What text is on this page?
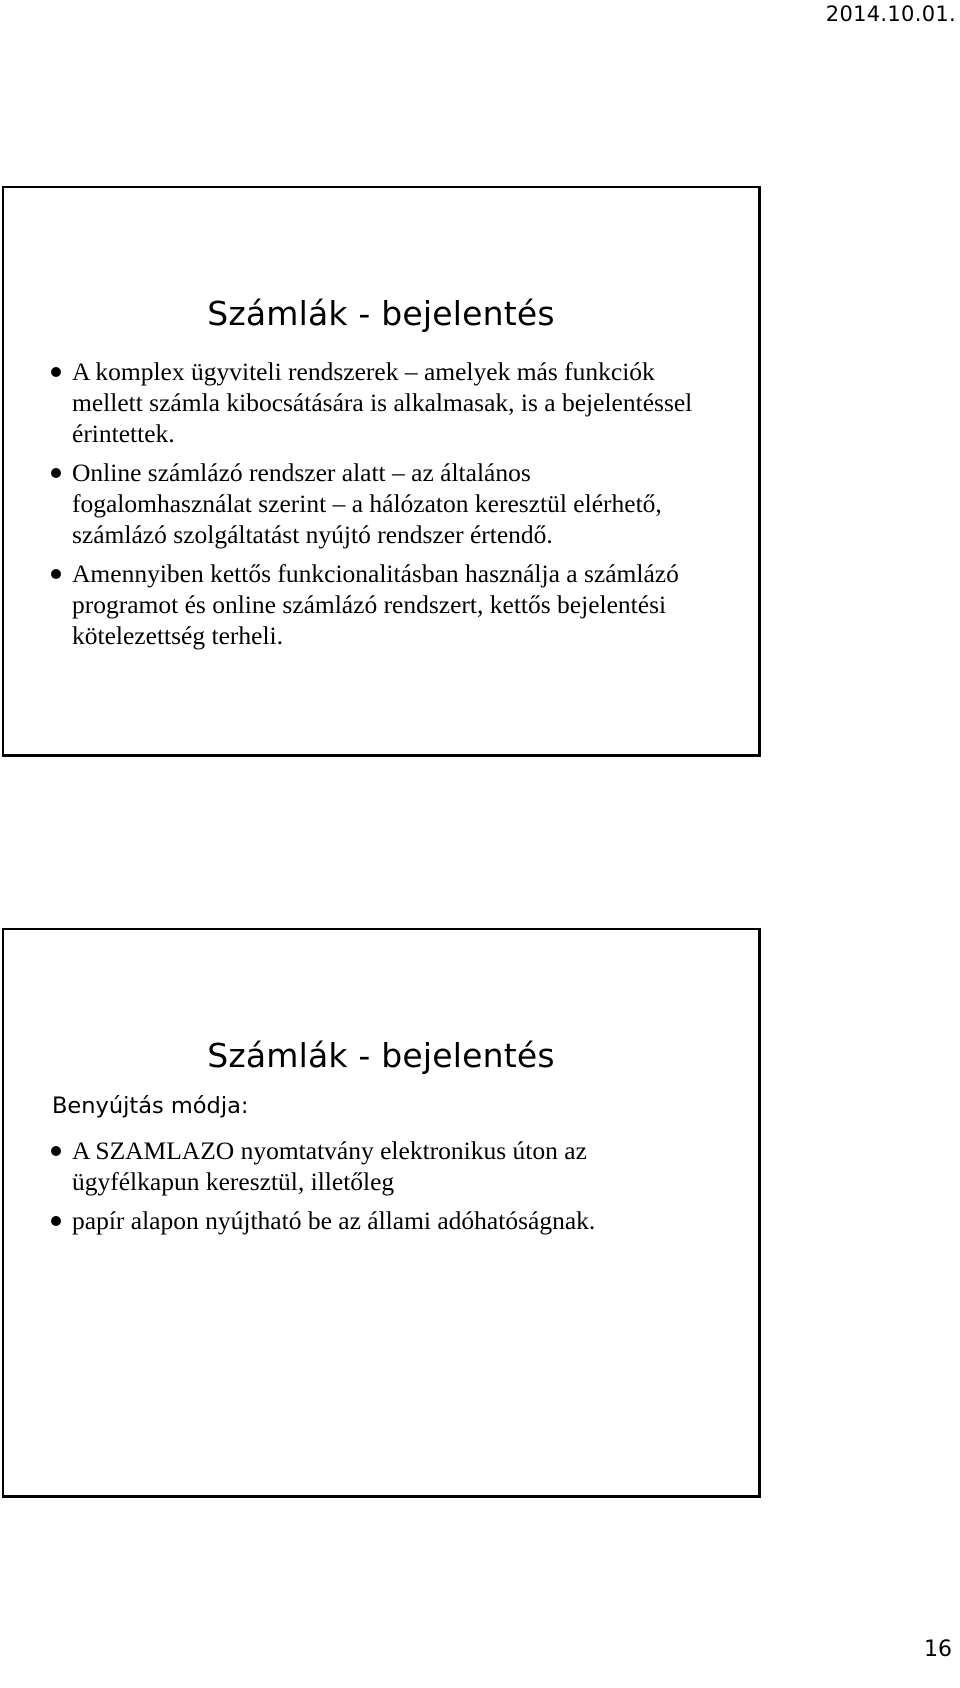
2014.10.01.
Számlák - bejelentés
A komplex ügyviteli rendszerek – amelyek más funkciók mellett számla kibocsátására is alkalmasak, is a bejelentéssel érintettek.
Online számlázó rendszer alatt – az általános fogalomhasználat szerint – a hálózaton keresztül elérhető, számlázó szolgáltatást nyújtó rendszer értendő.
Amennyiben kettős funkcionalitásban használja a számlázó programot és online számlázó rendszert, kettős bejelentési kötelezettség terheli.
Számlák - bejelentés

Benyújtás módja:

A SZAMLAZO nyomtatvány elektronikus úton az ügyfélkapun keresztül, illetőleg
papír alapon nyújtható be az állami adóhatóságnak.
16
